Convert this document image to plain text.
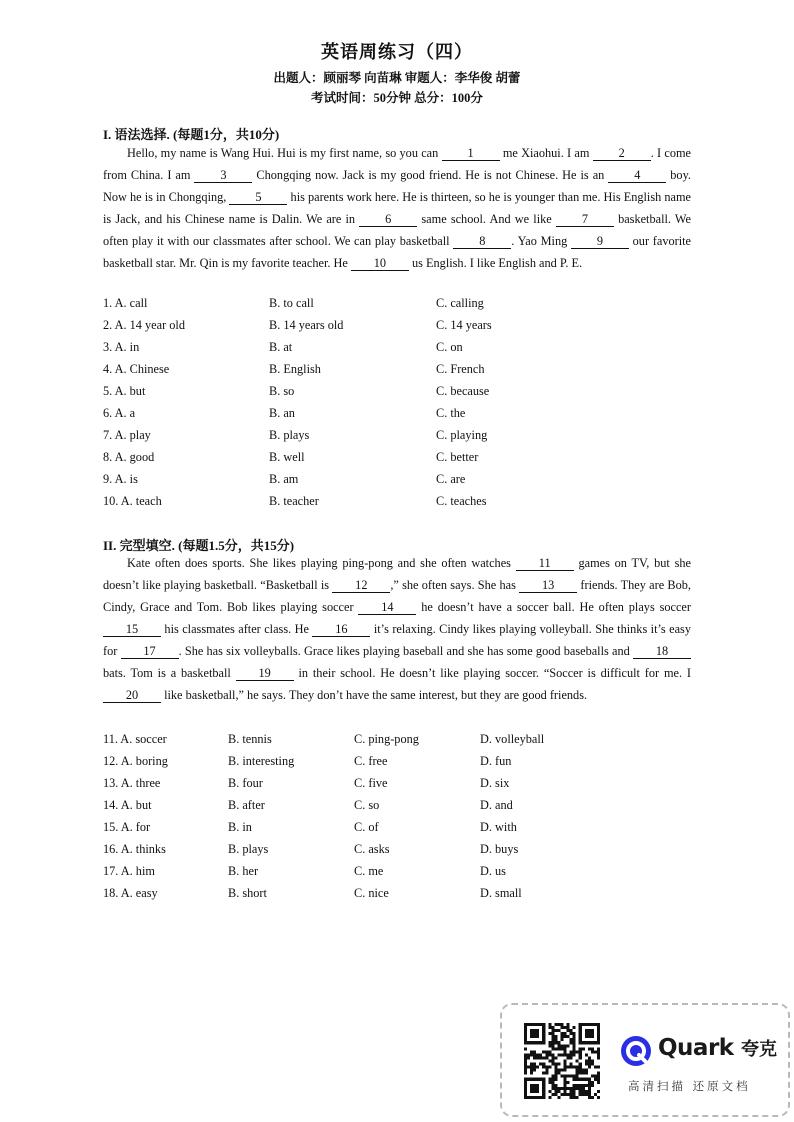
英语周练习（四）
出题人：顾丽琴 向苗琳 审题人：李华俊 胡蕾
考试时间：50分钟 总分：100分
I. 语法选择. (每题1分，共10分)

Hello, my name is Wang Hui. Hui is my first name, so you can 1 me Xiaohui. I am 2 . I come from China. I am 3 Chongqing now. Jack is my good friend. He is not Chinese. He is an 4 boy. Now he is in Chongqing, 5 his parents work here. He is thirteen, so he is younger than me. His English name is Jack, and his Chinese name is Dalin. We are in 6 same school. And we like 7 basketball. We often play it with our classmates after school. We can play basketball 8 . Yao Ming 9 our favorite basketball star. Mr. Qin is my favorite teacher. He 10 us English. I like English and P. E.

1. A. call	B. to call	C. calling
2. A. 14 year old	B. 14 years old	C. 14 years
3. A. in	B. at	C. on
4. A. Chinese	B. English	C. French
5. A. but	B. so	C. because
6. A. a	B. an	C. the
7. A. play	B. plays	C. playing
8. A. good	B. well	C. better
9. A. is	B. am	C. are
10. A. teach	B. teacher	C. teaches
II. 完型填空. (每题1.5分，共15分)

Kate often does sports. She likes playing ping-pong and she often watches 11 games on TV, but she doesn’t like playing basketball. “Basketball is 12 ,” she often says. She has 13 friends. They are Bob, Cindy, Grace and Tom. Bob likes playing soccer 14 he doesn’t have a soccer ball. He often plays soccer 15 his classmates after class. He 16 it’s relaxing. Cindy likes playing volleyball. She thinks it’s easy for 17 . She has six volleyballs. Grace likes playing baseball and she has some good baseballs and 18 bats. Tom is a basketball 19 in their school. He doesn’t like playing soccer. “Soccer is difficult for me. I 20 like basketball,” he says. They don’t have the same interest, but they are good friends.

11. A. soccer	B. tennis	C. ping-pong	D. volleyball
12. A. boring	B. interesting	C. free	D. fun
13. A. three	B. four	C. five	D. six
14. A. but	B. after	C. so	D. and
15. A. for	B. in	C. of	D. with
16. A. thinks	B. plays	C. asks	D. buys
17. A. him	B. her	C. me	D. us
18. A. easy	B. short	C. nice	D. small
Quark 夸克
高清扫描 还原文档
